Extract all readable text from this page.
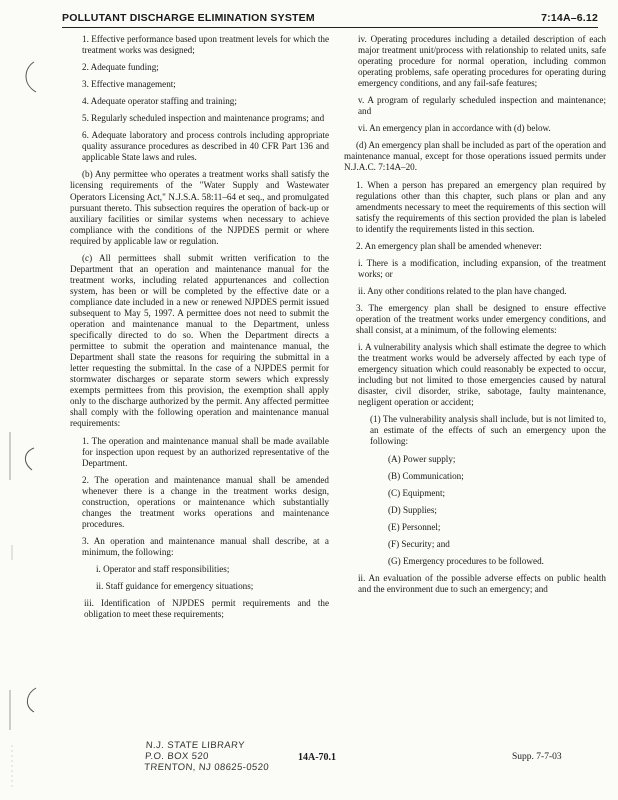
POLLUTANT DISCHARGE ELIMINATION SYSTEM	7:14A–6.12

1. Effective performance based upon treatment levels for which the treatment works was designed;

2. Adequate funding;

3. Effective management;

4. Adequate operator staffing and training;

5. Regularly scheduled inspection and maintenance programs; and

6. Adequate laboratory and process controls including appropriate quality assurance procedures as described in 40 CFR Part 136 and applicable State laws and rules.

(b) Any permittee who operates a treatment works shall satisfy the licensing requirements of the "Water Supply and Wastewater Operators Licensing Act," N.J.S.A. 58:11–64 et seq., and promulgated pursuant thereto. This subsection requires the operation of back-up or auxiliary facilities or similar systems when necessary to achieve compliance with the conditions of the NJPDES permit or where required by applicable law or regulation.

(c) All permittees shall submit written verification to the Department that an operation and maintenance manual for the treatment works, including related appurtenances and collection system, has been or will be completed by the effective date or a compliance date included in a new or renewed NJPDES permit issued subsequent to May 5, 1997. A permittee does not need to submit the operation and maintenance manual to the Department, unless specifically directed to do so. When the Department directs a permittee to submit the operation and maintenance manual, the Department shall state the reasons for requiring the submittal in a letter requesting the submittal. In the case of a NJPDES permit for stormwater discharges or separate storm sewers which expressly exempts permittees from this provision, the exemption shall apply only to the discharge authorized by the permit. Any affected permittee shall comply with the following operation and maintenance manual requirements:

1. The operation and maintenance manual shall be made available for inspection upon request by an authorized representative of the Department.

2. The operation and maintenance manual shall be amended whenever there is a change in the treatment works design, construction, operations or maintenance which substantially changes the treatment works operations and maintenance procedures.

3. An operation and maintenance manual shall describe, at a minimum, the following:

i. Operator and staff responsibilities;

ii. Staff guidance for emergency situations;

iii. Identification of NJPDES permit requirements and the obligation to meet these requirements;

iv. Operating procedures including a detailed description of each major treatment unit/process with relationship to related units, safe operating procedure for normal operation, including common operating problems, safe operating procedures for operating during emergency conditions, and any fail-safe features;

v. A program of regularly scheduled inspection and maintenance; and

vi. An emergency plan in accordance with (d) below.

(d) An emergency plan shall be included as part of the operation and maintenance manual, except for those operations issued permits under N.J.A.C. 7:14A–20.

1. When a person has prepared an emergency plan required by regulations other than this chapter, such plans or plan and any amendments necessary to meet the requirements of this section will satisfy the requirements of this section provided the plan is labeled to identify the requirements listed in this section.

2. An emergency plan shall be amended whenever:

i. There is a modification, including expansion, of the treatment works; or

ii. Any other conditions related to the plan have changed.

3. The emergency plan shall be designed to ensure effective operation of the treatment works under emergency conditions, and shall consist, at a minimum, of the following elements:

i. A vulnerability analysis which shall estimate the degree to which the treatment works would be adversely affected by each type of emergency situation which could reasonably be expected to occur, including but not limited to those emergencies caused by natural disaster, civil disorder, strike, sabotage, faulty maintenance, negligent operation or accident;

(1) The vulnerability analysis shall include, but is not limited to, an estimate of the effects of such an emergency upon the following:

(A) Power supply;

(B) Communication;

(C) Equipment;

(D) Supplies;

(E) Personnel;

(F) Security; and

(G) Emergency procedures to be followed.

ii. An evaluation of the possible adverse effects on public health and the environment due to such an emergency; and

N.J. STATE LIBRARY
P.O. BOX 520
TRENTON, NJ 08625-0520
14A-70.1	Supp. 7-7-03
